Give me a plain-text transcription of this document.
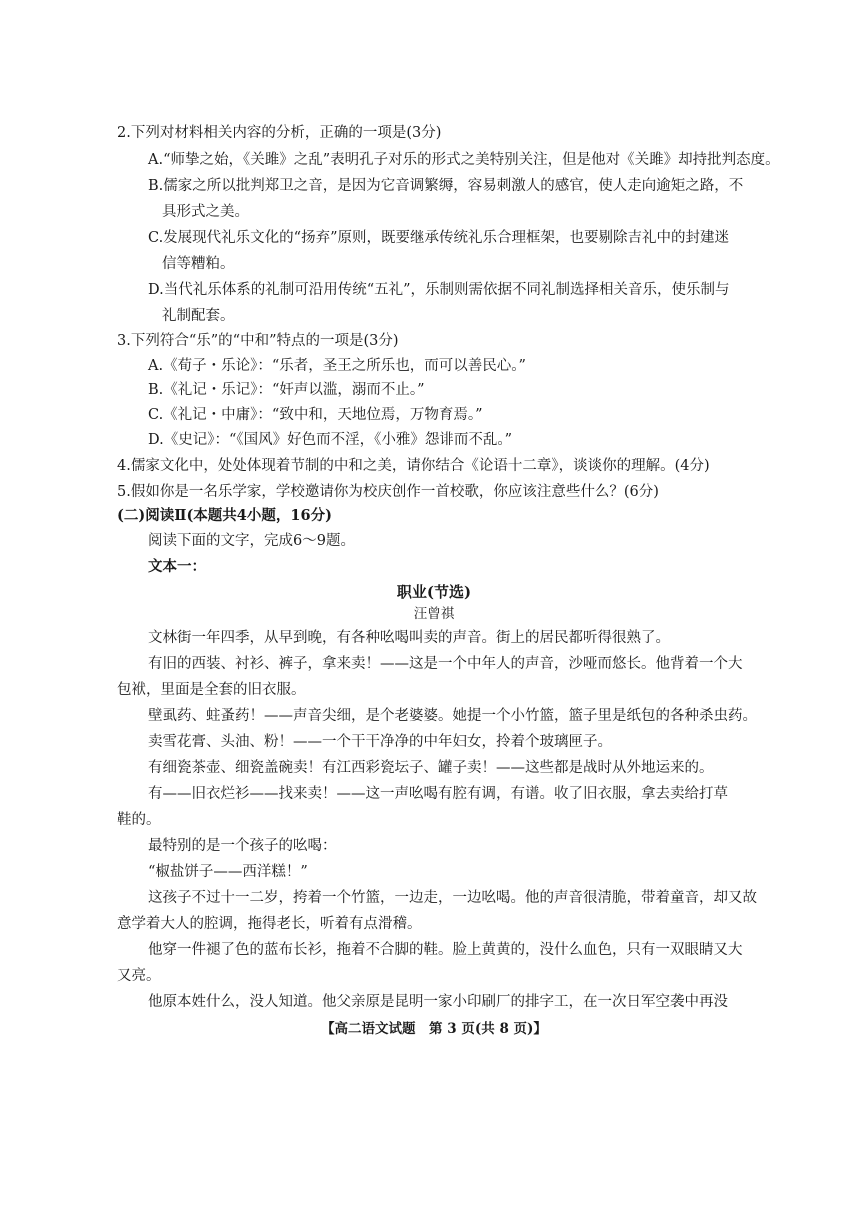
2.下列对材料相关内容的分析，正确的一项是(3分)
A.“师挚之始，《关雎》之乱”表明孔子对乐的形式之美特别关注，但是他对《关雎》却持批判态度。
B.儒家之所以批判郑卫之音，是因为它音调繁缛，容易刺激人的感官，使人走向逾矩之路，不
具形式之美。
C.发展现代礼乐文化的“扬弃”原则，既要继承传统礼乐合理框架，也要剔除吉礼中的封建迷
信等糟粕。
D.当代礼乐体系的礼制可沿用传统“五礼”，乐制则需依据不同礼制选择相关音乐，使乐制与
礼制配套。
3.下列符合“乐”的“中和”特点的一项是(3分)
A.《荀子・乐论》：“乐者，圣王之所乐也，而可以善民心。”
B.《礼记・乐记》：“奸声以滥，溺而不止。”
C.《礼记・中庸》：“致中和，天地位焉，万物育焉。”
D.《史记》：“《国风》好色而不淫，《小雅》怨诽而不乱。”
4.儒家文化中，处处体现着节制的中和之美，请你结合《论语十二章》，谈谈你的理解。(4分)
5.假如你是一名乐学家，学校邀请你为校庆创作一首校歌，你应该注意些什么？(6分)
(二)阅读Ⅱ(本题共4小题，16分)
阅读下面的文字，完成6～9题。
文本一：
职业(节选)
汪曾祺
文林街一年四季，从早到晚，有各种吆喝叫卖的声音。街上的居民都听得很熟了。
有旧的西装、衬衫、裤子，拿来卖！——这是一个中年人的声音，沙哑而悠长。他背着一个大
包袱，里面是全套的旧衣服。
壁虱药、蛀蚤药！——声音尖细，是个老婆婆。她提一个小竹篮，篮子里是纸包的各种杀虫药。
卖雪花膏、头油、粉！——一个干干净净的中年妇女，拎着个玻璃匣子。
有细瓷茶壶、细瓷盖碗卖！有江西彩瓷坛子、罐子卖！——这些都是战时从外地运来的。
有——旧衣烂衫——找来卖！——这一声吆喝有腔有调，有谱。收了旧衣服，拿去卖给打草
鞋的。
最特别的是一个孩子的吆喝：
“椒盐饼子——西洋糕！”
这孩子不过十一二岁，挎着一个竹篮，一边走，一边吆喝。他的声音很清脆，带着童音，却又故
意学着大人的腔调，拖得老长，听着有点滑稽。
他穿一件褪了色的蓝布长衫，拖着不合脚的鞋。脸上黄黄的，没什么血色，只有一双眼睛又大
又亮。
他原本姓什么，没人知道。他父亲原是昆明一家小印刷厂的排字工，在一次日军空袭中再没
【高二语文试题　第 3 页(共 8 页)】
